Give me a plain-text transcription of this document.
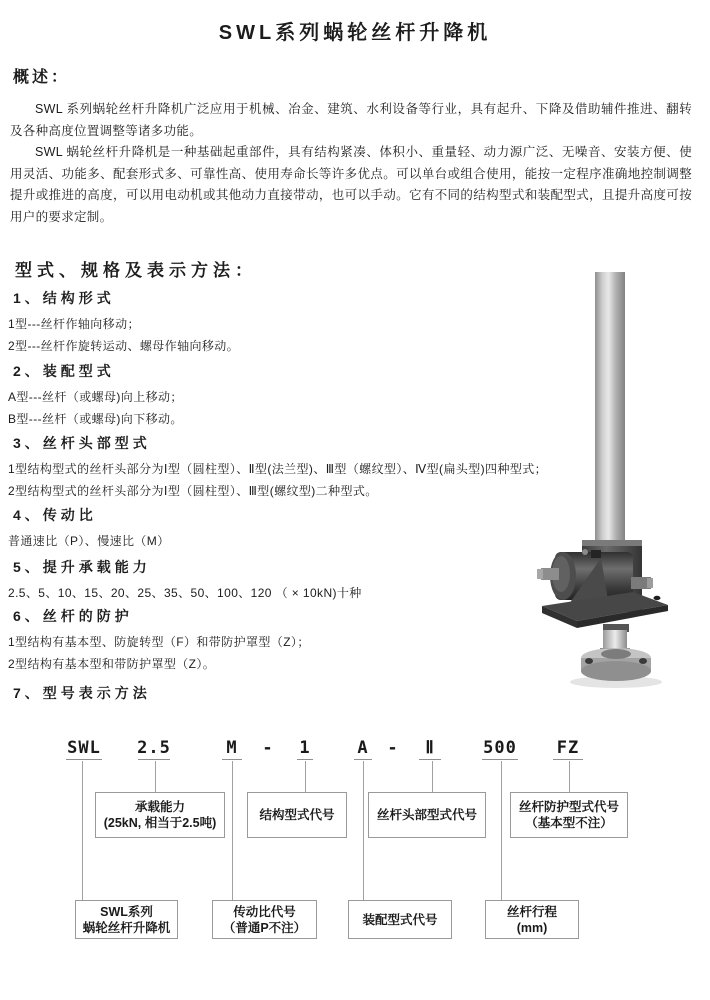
SWL系列蜗轮丝杆升降机
概述：

SWL 系列蜗轮丝杆升降机广泛应用于机械、冶金、建筑、水利设备等行业，具有起升、下降及借助辅件推进、翻转及各种高度位置调整等诸多功能。

SWL 蜗轮丝杆升降机是一种基础起重部件，具有结构紧凑、体积小、重量轻、动力源广泛、无噪音、安装方便、使用灵活、功能多、配套形式多、可靠性高、使用寿命长等许多优点。可以单台或组合使用，能按一定程序准确地控制调整提升或推进的高度，可以用电动机或其他动力直接带动，也可以手动。它有不同的结构型式和装配型式，且提升高度可按用户的要求定制。

型式、规格及表示方法：
1、结构形式
1型---丝杆作轴向移动；
2型---丝杆作旋转运动、螺母作轴向移动。
2、装配型式
A型---丝杆（或螺母)向上移动；
B型---丝杆（或螺母)向下移动。
3、丝杆头部型式
1型结构型式的丝杆头部分为Ⅰ型（圆柱型）、Ⅱ型(法兰型)、Ⅲ型（螺纹型）、Ⅳ型(扁头型)四种型式；
2型结构型式的丝杆头部分为Ⅰ型（圆柱型）、Ⅲ型(螺纹型)二种型式。
4、传动比
普通速比（P）、慢速比（M）
5、提升承载能力
2.5、5、10、15、20、25、35、50、100、120 （ × 10kN)十种
6、丝杆的防护
1型结构有基本型、防旋转型（F）和带防护罩型（Z）；
2型结构有基本型和带防护罩型（Z）。
7、型号表示方法
SWL 2.5	M - 1	A - Ⅱ	500 FZ
承载能力
(25kN, 相当于2.5吨)
结构型式代号	丝杆头部型式代号
丝杆防护型式代号
（基本型不注）
SWL系列
蜗轮丝杆升降机
传动比代号
（普通P不注）
装配型式代号
丝杆行程
(mm)
